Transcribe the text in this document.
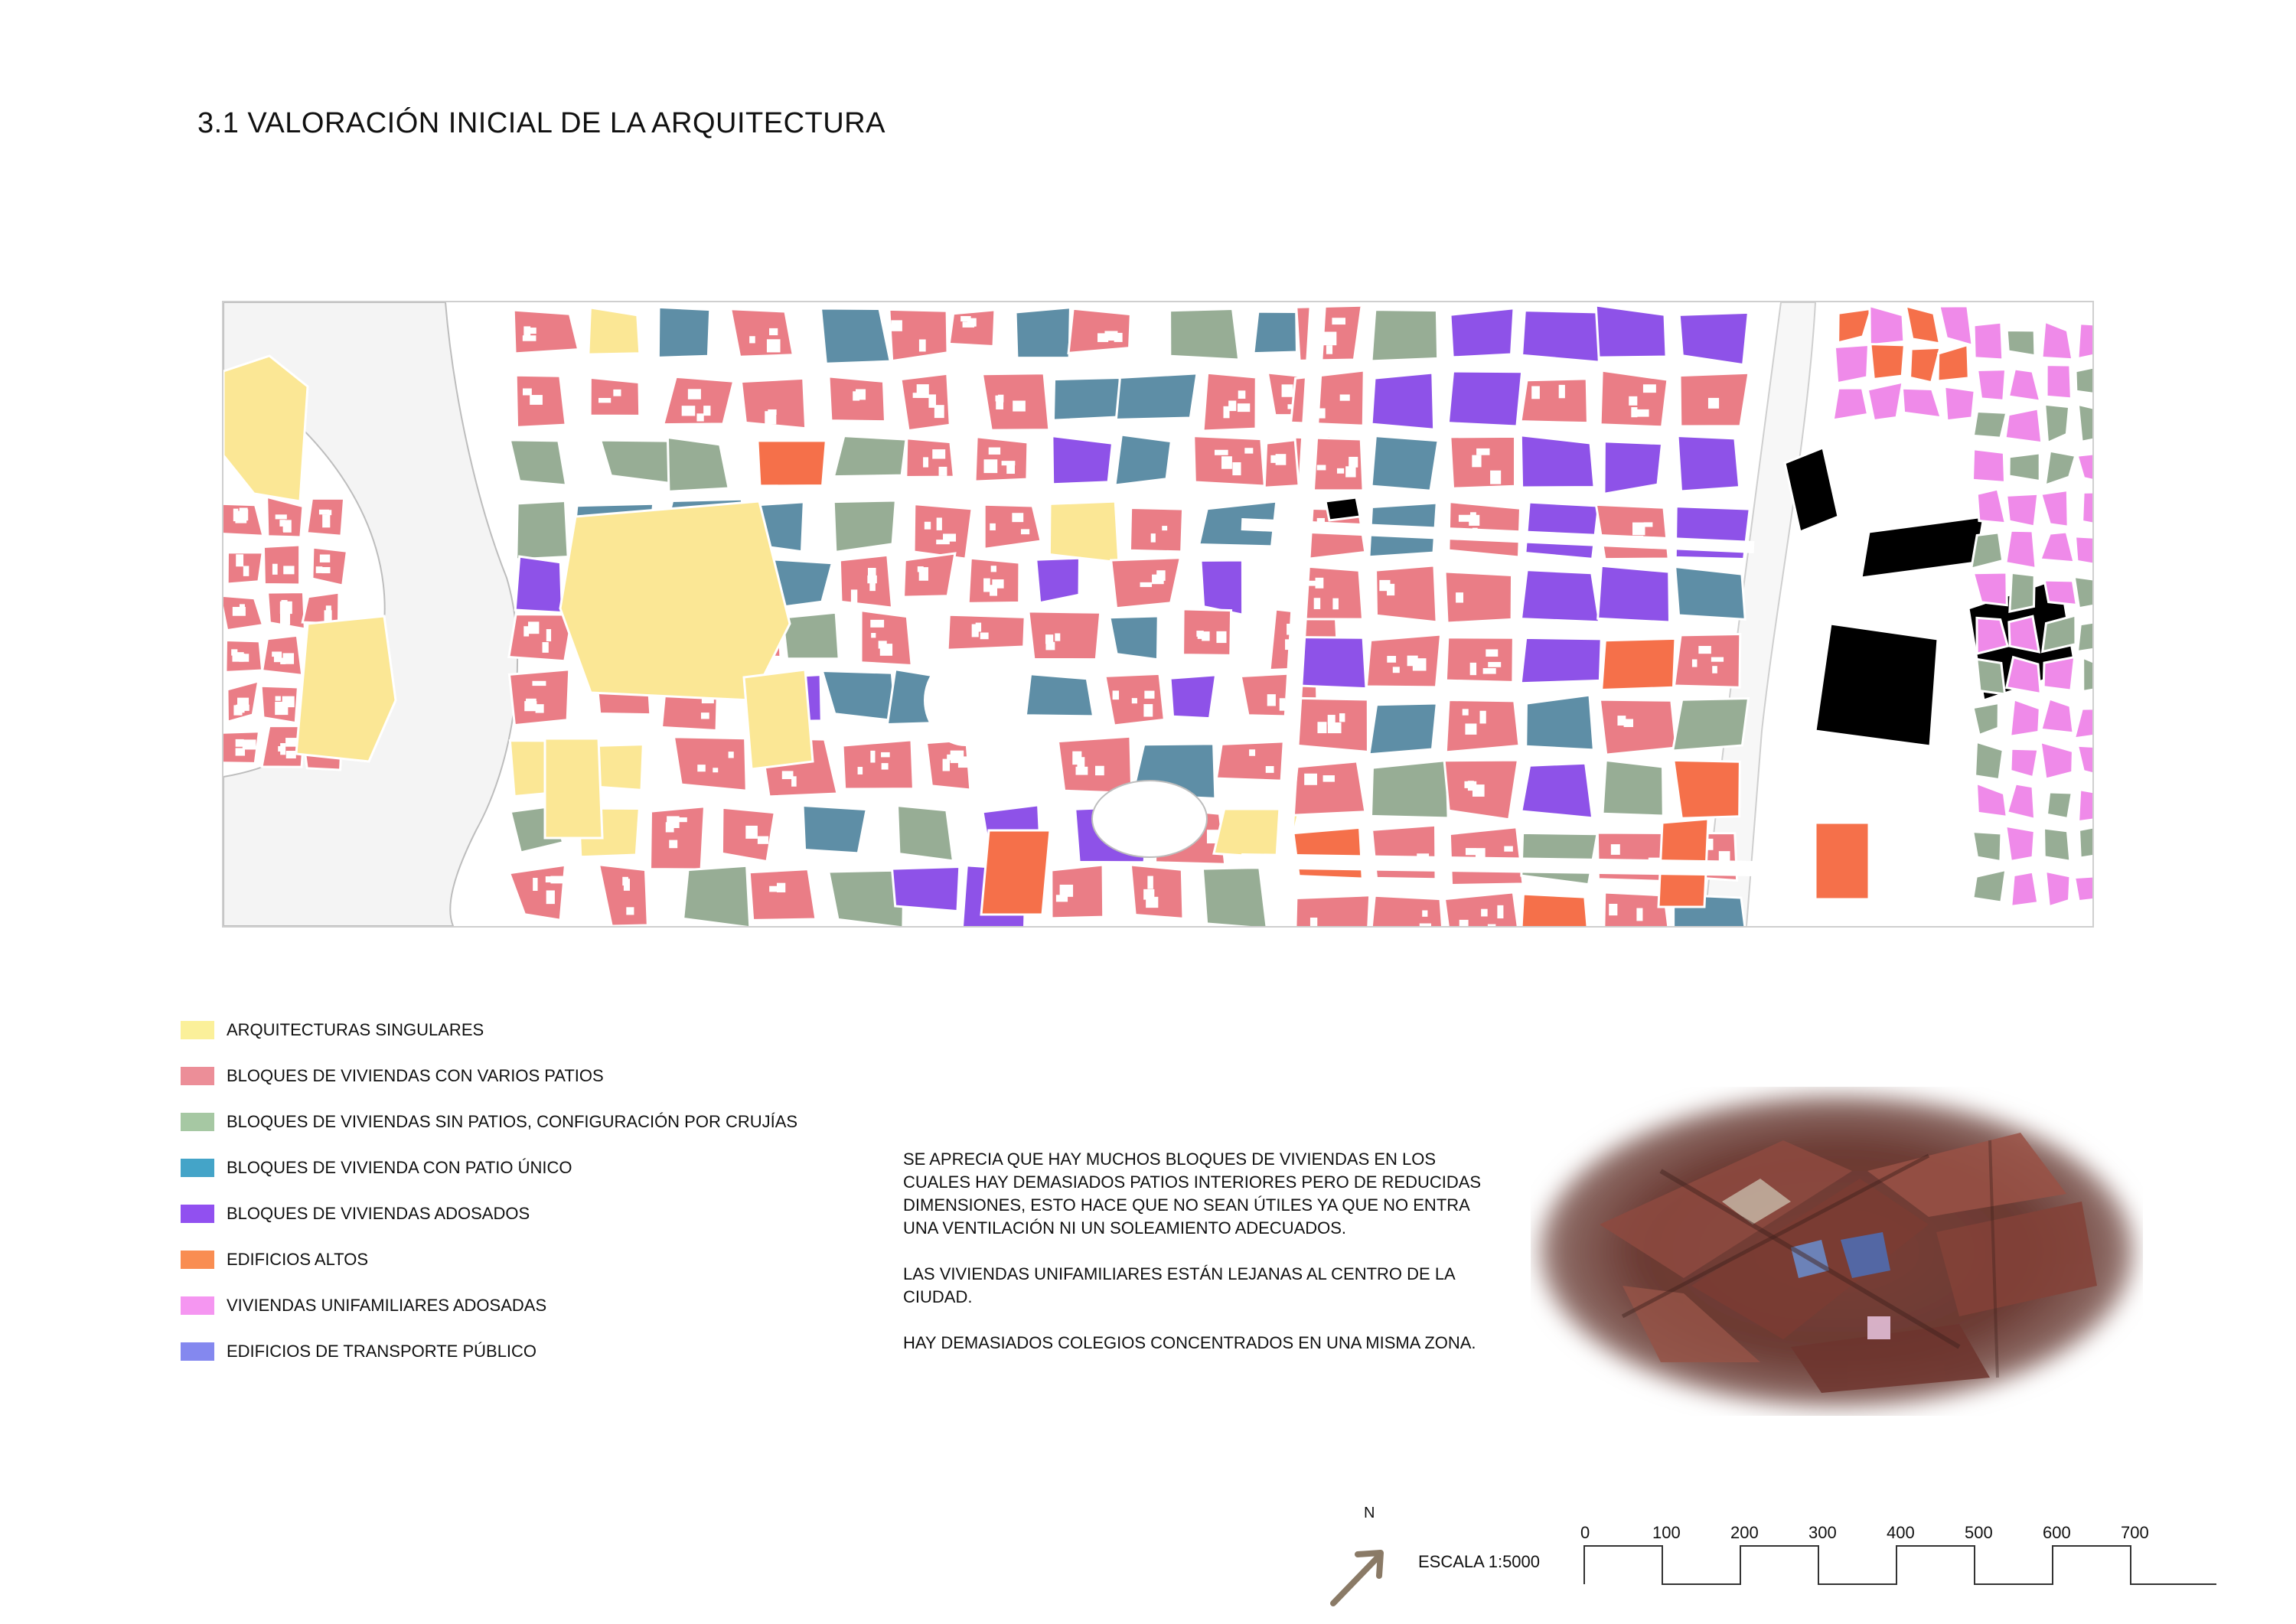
3.1 VALORACIÓN INICIAL DE LA ARQUITECTURA
ARQUITECTURAS SINGULARES
BLOQUES DE VIVIENDAS CON VARIOS PATIOS
BLOQUES DE VIVIENDAS SIN PATIOS, CONFIGURACIÓN POR CRUJÍAS
BLOQUES DE VIVIENDA CON PATIO ÚNICO
BLOQUES DE VIVIENDAS ADOSADOS
EDIFICIOS ALTOS
VIVIENDAS UNIFAMILIARES ADOSADAS
EDIFICIOS DE TRANSPORTE PÚBLICO

SE APRECIA QUE HAY MUCHOS BLOQUES DE VIVIENDAS EN LOS CUALES HAY DEMASIADOS PATIOS INTERIORES PERO DE REDUCIDAS DIMENSIONES, ESTO HACE QUE NO SEAN ÚTILES YA QUE NO ENTRA UNA VENTILACIÓN NI UN SOLEAMIENTO ADECUADOS.

LAS VIVIENDAS UNIFAMILIARES ESTÁN LEJANAS AL CENTRO DE LA CIUDAD.

HAY DEMASIADOS COLEGIOS CONCENTRADOS EN UNA MISMA ZONA.

N
ESCALA 1:5000
0	100	200	300	400	500	600	700
